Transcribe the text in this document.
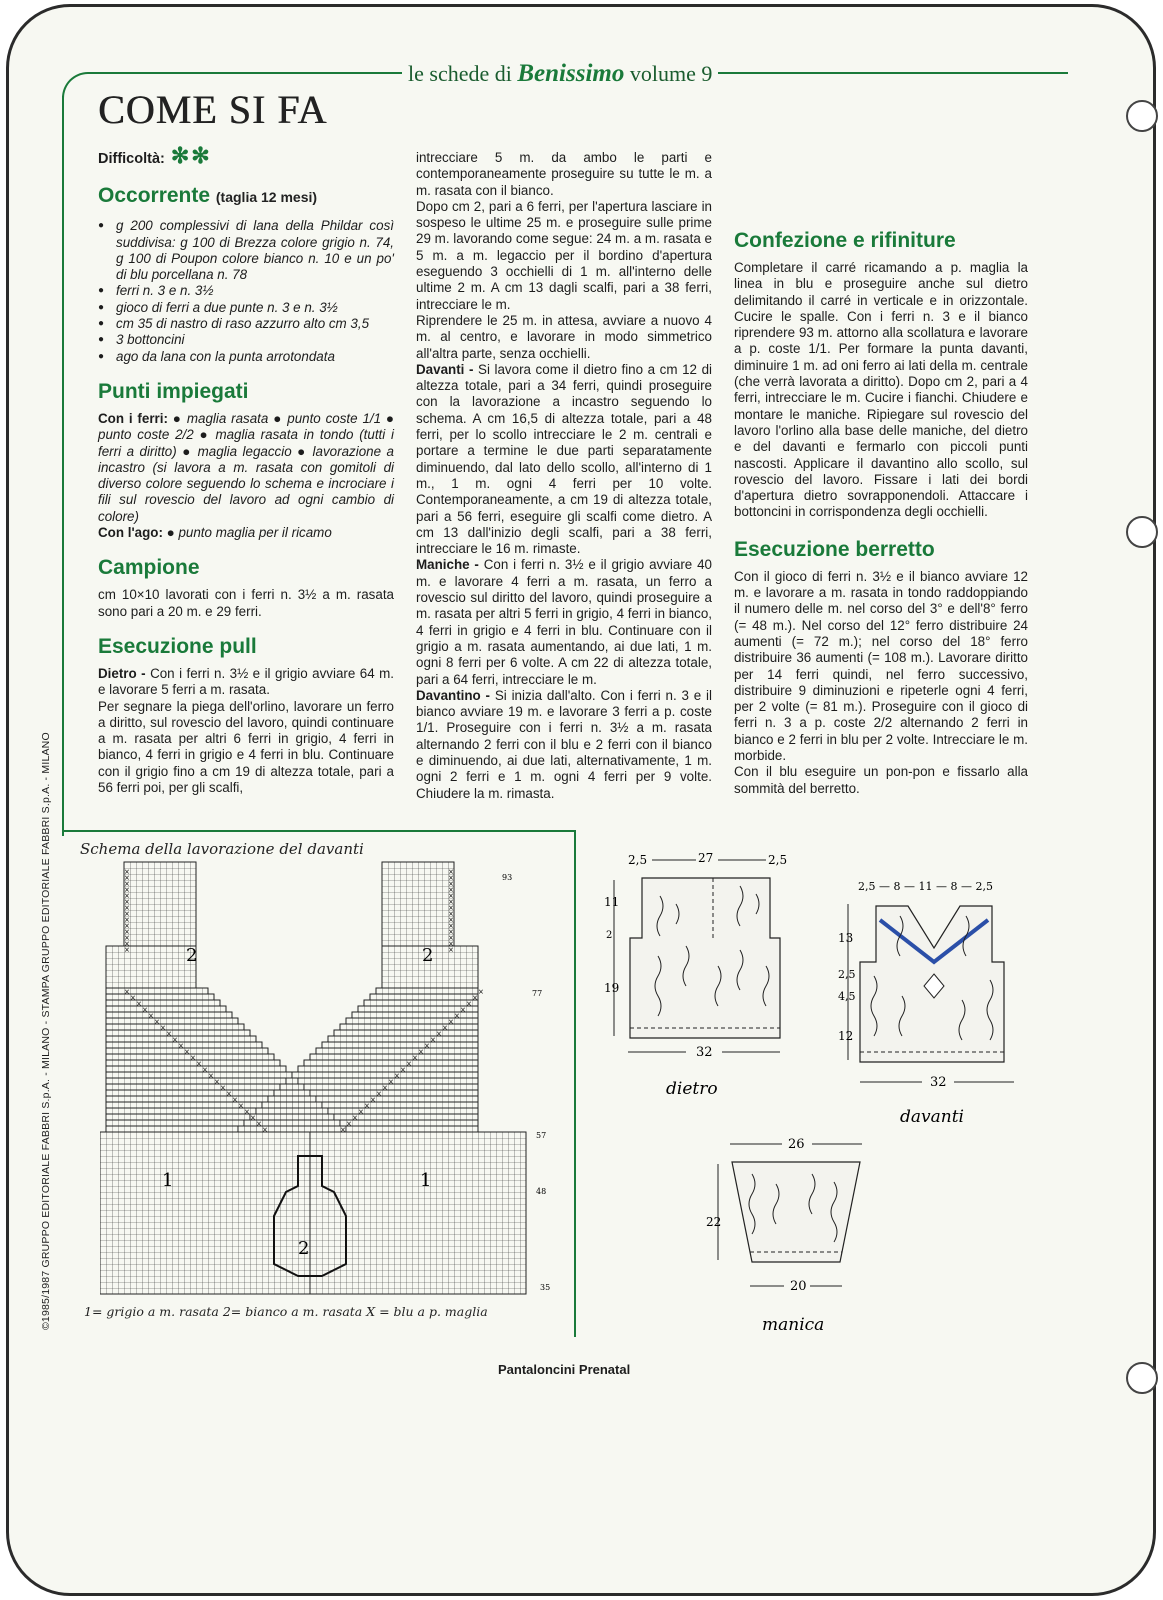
le schede di Benissimo volume 9
COME SI FA
Difficoltà: ✻✻

Occorrente (taglia 12 mesi)

● g 200 complessivi di lana della Phildar così suddivisa: g 100 di Brezza colore grigio n. 74, g 100 di Poupon colore bianco n. 10 e un po' di blu porcellana n. 78
● ferri n. 3 e n. 3½
● gioco di ferri a due punte n. 3 e n. 3½
● cm 35 di nastro di raso azzurro alto cm 3,5
● 3 bottoncini
● ago da lana con la punta arrotondata

Punti impiegati

Con i ferri: ● maglia rasata ● punto coste 1/1 ● punto coste 2/2 ● maglia rasata in tondo (tutti i ferri a diritto) ● maglia legaccio ● lavorazione a incastro (si lavora a m. rasata con gomitoli di diverso colore seguendo lo schema e incrociare i fili sul rovescio del lavoro ad ogni cambio di colore)

Con l'ago: ● punto maglia per il ricamo

Campione

cm 10×10 lavorati con i ferri n. 3½ a m. rasata sono pari a 20 m. e 29 ferri.

Esecuzione pull

Dietro - Con i ferri n. 3½ e il grigio avviare 64 m. e lavorare 5 ferri a m. rasata.

Per segnare la piega dell'orlino, lavorare un ferro a diritto, sul rovescio del lavoro, quindi continuare a m. rasata per altri 6 ferri in grigio, 4 ferri in bianco, 4 ferri in grigio e 4 ferri in blu. Continuare con il grigio fino a cm 19 di altezza totale, pari a 56 ferri poi, per gli scalfi,

intrecciare 5 m. da ambo le parti e contemporaneamente proseguire su tutte le m. a m. rasata con il bianco.

Dopo cm 2, pari a 6 ferri, per l'apertura lasciare in sospeso le ultime 25 m. e proseguire sulle prime 29 m. lavorando come segue: 24 m. a m. rasata e 5 m. a m. legaccio per il bordino d'apertura eseguendo 3 occhielli di 1 m. all'interno delle ultime 2 m. A cm 13 dagli scalfi, pari a 38 ferri, intrecciare le m.

Riprendere le 25 m. in attesa, avviare a nuovo 4 m. al centro, e lavorare in modo simmetrico all'altra parte, senza occhielli.

Davanti - Si lavora come il dietro fino a cm 12 di altezza totale, pari a 34 ferri, quindi proseguire con la lavorazione a incastro seguendo lo schema. A cm 16,5 di altezza totale, pari a 48 ferri, per lo scollo intrecciare le 2 m. centrali e portare a termine le due parti separatamente diminuendo, dal lato dello scollo, all'interno di 1 m., 1 m. ogni 4 ferri per 10 volte. Contemporaneamente, a cm 19 di altezza totale, pari a 56 ferri, eseguire gli scalfi come dietro. A cm 13 dall'inizio degli scalfi, pari a 38 ferri, intrecciare le 16 m. rimaste.

Maniche - Con i ferri n. 3½ e il grigio avviare 40 m. e lavorare 4 ferri a m. rasata, un ferro a rovescio sul diritto del lavoro, quindi proseguire a m. rasata per altri 5 ferri in grigio, 4 ferri in bianco, 4 ferri in grigio e 4 ferri in blu. Continuare con il grigio a m. rasata aumentando, ai due lati, 1 m. ogni 8 ferri per 6 volte. A cm 22 di altezza totale, pari a 64 ferri, intrecciare le m.

Davantino - Si inizia dall'alto. Con i ferri n. 3 e il bianco avviare 19 m. e lavorare 3 ferri a p. coste 1/1. Proseguire con i ferri n. 3½ a m. rasata alternando 2 ferri con il blu e 2 ferri con il bianco e diminuendo, ai due lati, alternativamente, 1 m. ogni 2 ferri e 1 m. ogni 4 ferri per 9 volte. Chiudere la m. rimasta.

Confezione e rifiniture

Completare il carré ricamando a p. maglia la linea in blu e proseguire anche sul dietro delimitando il carré in verticale e in orizzontale. Cucire le spalle. Con i ferri n. 3 e il bianco riprendere 93 m. attorno alla scollatura e lavorare a p. coste 1/1. Per formare la punta davanti, diminuire 1 m. ad oni ferro ai lati della m. centrale (che verrà lavorata a diritto). Dopo cm 2, pari a 4 ferri, intrecciare le m. Cucire i fianchi. Chiudere e montare le maniche. Ripiegare sul rovescio del lavoro l'orlino alla base delle maniche, del dietro e del davanti e fermarlo con piccoli punti nascosti. Applicare il davantino allo scollo, sul rovescio del lavoro. Fissare i lati dei bordi d'apertura dietro sovrapponendoli. Attaccare i bottoncini in corrispondenza degli occhielli.

Esecuzione berretto

Con il gioco di ferri n. 3½ e il bianco avviare 12 m. e lavorare a m. rasata in tondo raddoppiando il numero delle m. nel corso del 3° e dell'8° ferro (= 48 m.). Nel corso del 12° ferro distribuire 24 aumenti (= 72 m.); nel corso del 18° ferro distribuire 36 aumenti (= 108 m.). Lavorare diritto per 14 ferri quindi, nel ferro successivo, distribuire 9 diminuzioni e ripeterle ogni 4 ferri, per 2 volte (= 81 m.). Proseguire con il gioco di ferri n. 3 a p. coste 2/2 alternando 2 ferri in bianco e 2 ferri in blu per 2 volte. Intrecciare le m. morbide.

Con il blu eseguire un pon-pon e fissarlo alla sommità del berretto.

Schema della lavorazione del davanti
×	×
×	×
×	×
×	×
×	×
×	×
×	×
×	×
×	×
×	×
×	×
×	×
×	×
×	×
×	×
×	×
×	×
×	×
×	×
×	×
×	×
×	×
×	×
×	×
×	×
×	×
×	×
×	×
×	×
×	×
×	×
×	×
×	×
×	×
×	×
×	×
×	×
×	×
2	2
1	1
2
93
77
57
48
35
1= grigio a m. rasata 2= bianco a m. rasata X = blu a p. maglia
2,5	27	2,5
11
2
19
32
dietro
2,5 — 8 — 11 — 8 — 2,5
13
2,5
4,5
12
32
davanti
26
22
20
manica
Pantaloncini Prenatal
©1985/1987 GRUPPO EDITORIALE FABBRI S.p.A. - MILANO - STAMPA GRUPPO EDITORIALE FABBRI S.p.A. - MILANO
